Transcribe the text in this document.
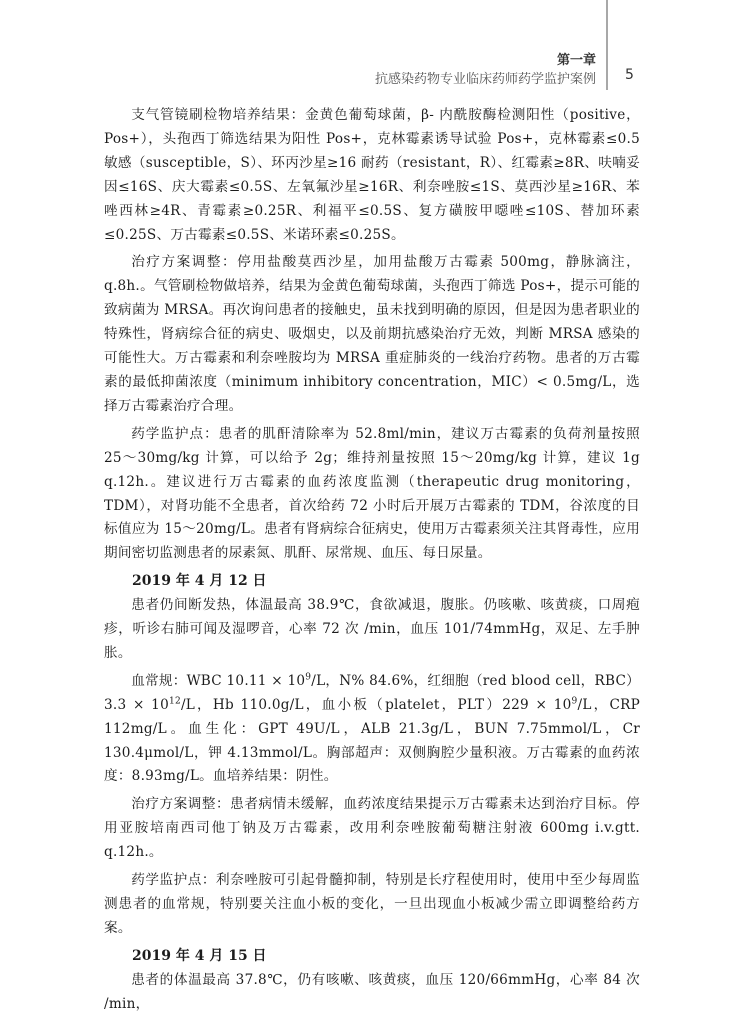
第一章
抗感染药物专业临床药师药学监护案例 5

支气管镜刷检物培养结果：金黄色葡萄球菌，β- 内酰胺酶检测阳性（positive，Pos+），头孢西丁筛选结果为阳性 Pos+，克林霉素诱导试验 Pos+，克林霉素≤0.5 敏感（susceptible，S）、环丙沙星≥16 耐药（resistant，R）、红霉素≥8R、呋喃妥因≤16S、庆大霉素≤0.5S、左氧氟沙星≥16R、利奈唑胺≤1S、莫西沙星≥16R、苯唑西林≥4R、青霉素≥0.25R、利福平≤0.5S、复方磺胺甲噁唑≤10S、替加环素≤0.25S、万古霉素≤0.5S、米诺环素≤0.25S。

治疗方案调整：停用盐酸莫西沙星，加用盐酸万古霉素 500mg，静脉滴注，q.8h.。气管刷检物做培养，结果为金黄色葡萄球菌，头孢西丁筛选 Pos+，提示可能的致病菌为 MRSA。再次询问患者的接触史，虽未找到明确的原因，但是因为患者职业的特殊性，肾病综合征的病史、吸烟史，以及前期抗感染治疗无效，判断 MRSA 感染的可能性大。万古霉素和利奈唑胺均为 MRSA 重症肺炎的一线治疗药物。患者的万古霉素的最低抑菌浓度（minimum inhibitory concentration，MIC）< 0.5mg/L，选择万古霉素治疗合理。

药学监护点：患者的肌酐清除率为 52.8ml/min，建议万古霉素的负荷剂量按照 25～30mg/kg 计算，可以给予 2g；维持剂量按照 15～20mg/kg 计算，建议 1g q.12h.。建议进行万古霉素的血药浓度监测（therapeutic drug monitoring，TDM），对肾功能不全患者，首次给药 72 小时后开展万古霉素的 TDM，谷浓度的目标值应为 15～20mg/L。患者有肾病综合征病史，使用万古霉素须关注其肾毒性，应用期间密切监测患者的尿素氮、肌酐、尿常规、血压、每日尿量。

2019 年 4 月 12 日

患者仍间断发热，体温最高 38.9℃，食欲减退，腹胀。仍咳嗽、咳黄痰，口周疱疹，听诊右肺可闻及湿啰音，心率 72 次 /min，血压 101/74mmHg，双足、左手肿胀。

血常规：WBC $10.11 \times 10^9/L$，N% 84.6%，红细胞（red blood cell，$RBC)3.3 \times 10^{12}/L$，Hb 110.0g/L，血小板（platelet，$PLT)229 \times 10^9/L$，CRP 112mg/L。血生化：GPT 49U/L，ALB 21.3g/L，BUN 7.75mmol/L，Cr 130.4μmol/L，钾 4.13mmol/L。胸部超声：双侧胸腔少量积液。万古霉素的血药浓度：8.93mg/L。血培养结果：阴性。

治疗方案调整：患者病情未缓解，血药浓度结果提示万古霉素未达到治疗目标。停用亚胺培南西司他丁钠及万古霉素，改用利奈唑胺葡萄糖注射液 600mg i.v.gtt. q.12h.。

药学监护点：利奈唑胺可引起骨髓抑制，特别是长疗程使用时，使用中至少每周监测患者的血常规，特别要关注血小板的变化，一旦出现血小板减少需立即调整给药方案。

2019 年 4 月 15 日

患者的体温最高 37.8℃，仍有咳嗽、咳黄痰，血压 120/66mmHg，心率 84 次 /min，
